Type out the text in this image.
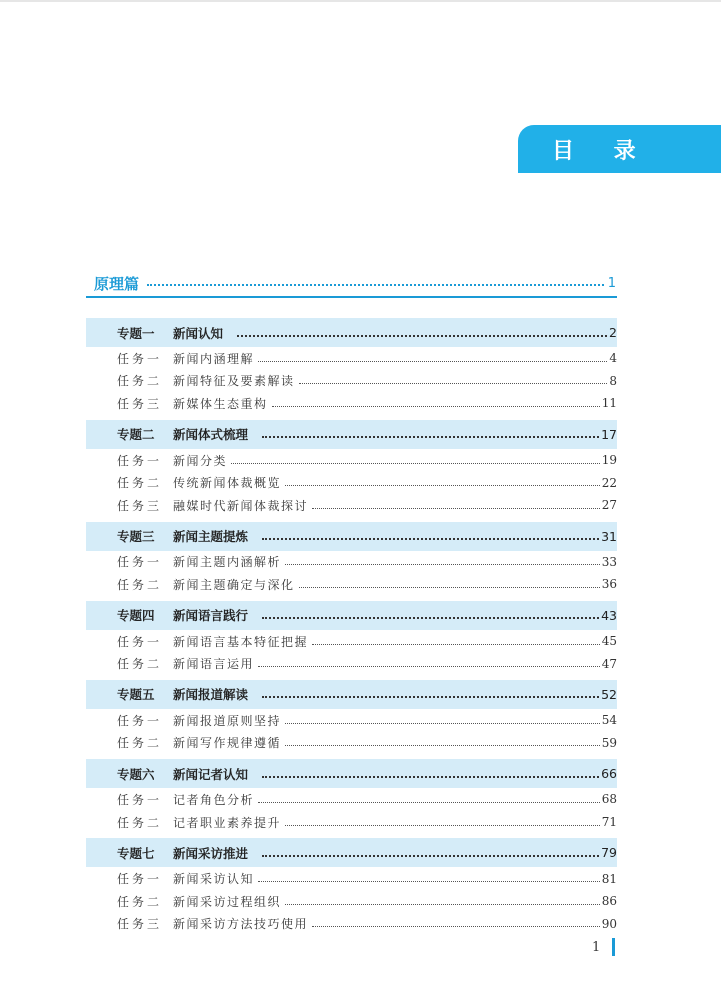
目 录
原理篇	1
专题一	新闻认知	2
任务一 新闻内涵理解	4
任务二 新闻特征及要素解读	8
任务三 新媒体生态重构	11
专题二	新闻体式梳理	17
任务一 新闻分类	19
任务二 传统新闻体裁概览	22
任务三 融媒时代新闻体裁探讨	27
专题三	新闻主题提炼	31
任务一 新闻主题内涵解析	33
任务二 新闻主题确定与深化	36
专题四	新闻语言践行	43
任务一 新闻语言基本特征把握	45
任务二 新闻语言运用	47
专题五	新闻报道解读	52
任务一 新闻报道原则坚持	54
任务二 新闻写作规律遵循	59
专题六	新闻记者认知	66
任务一 记者角色分析	68
任务二 记者职业素养提升	71
专题七	新闻采访推进	79
任务一 新闻采访认知	81
任务二 新闻采访过程组织	86
任务三 新闻采访方法技巧使用	90
1
